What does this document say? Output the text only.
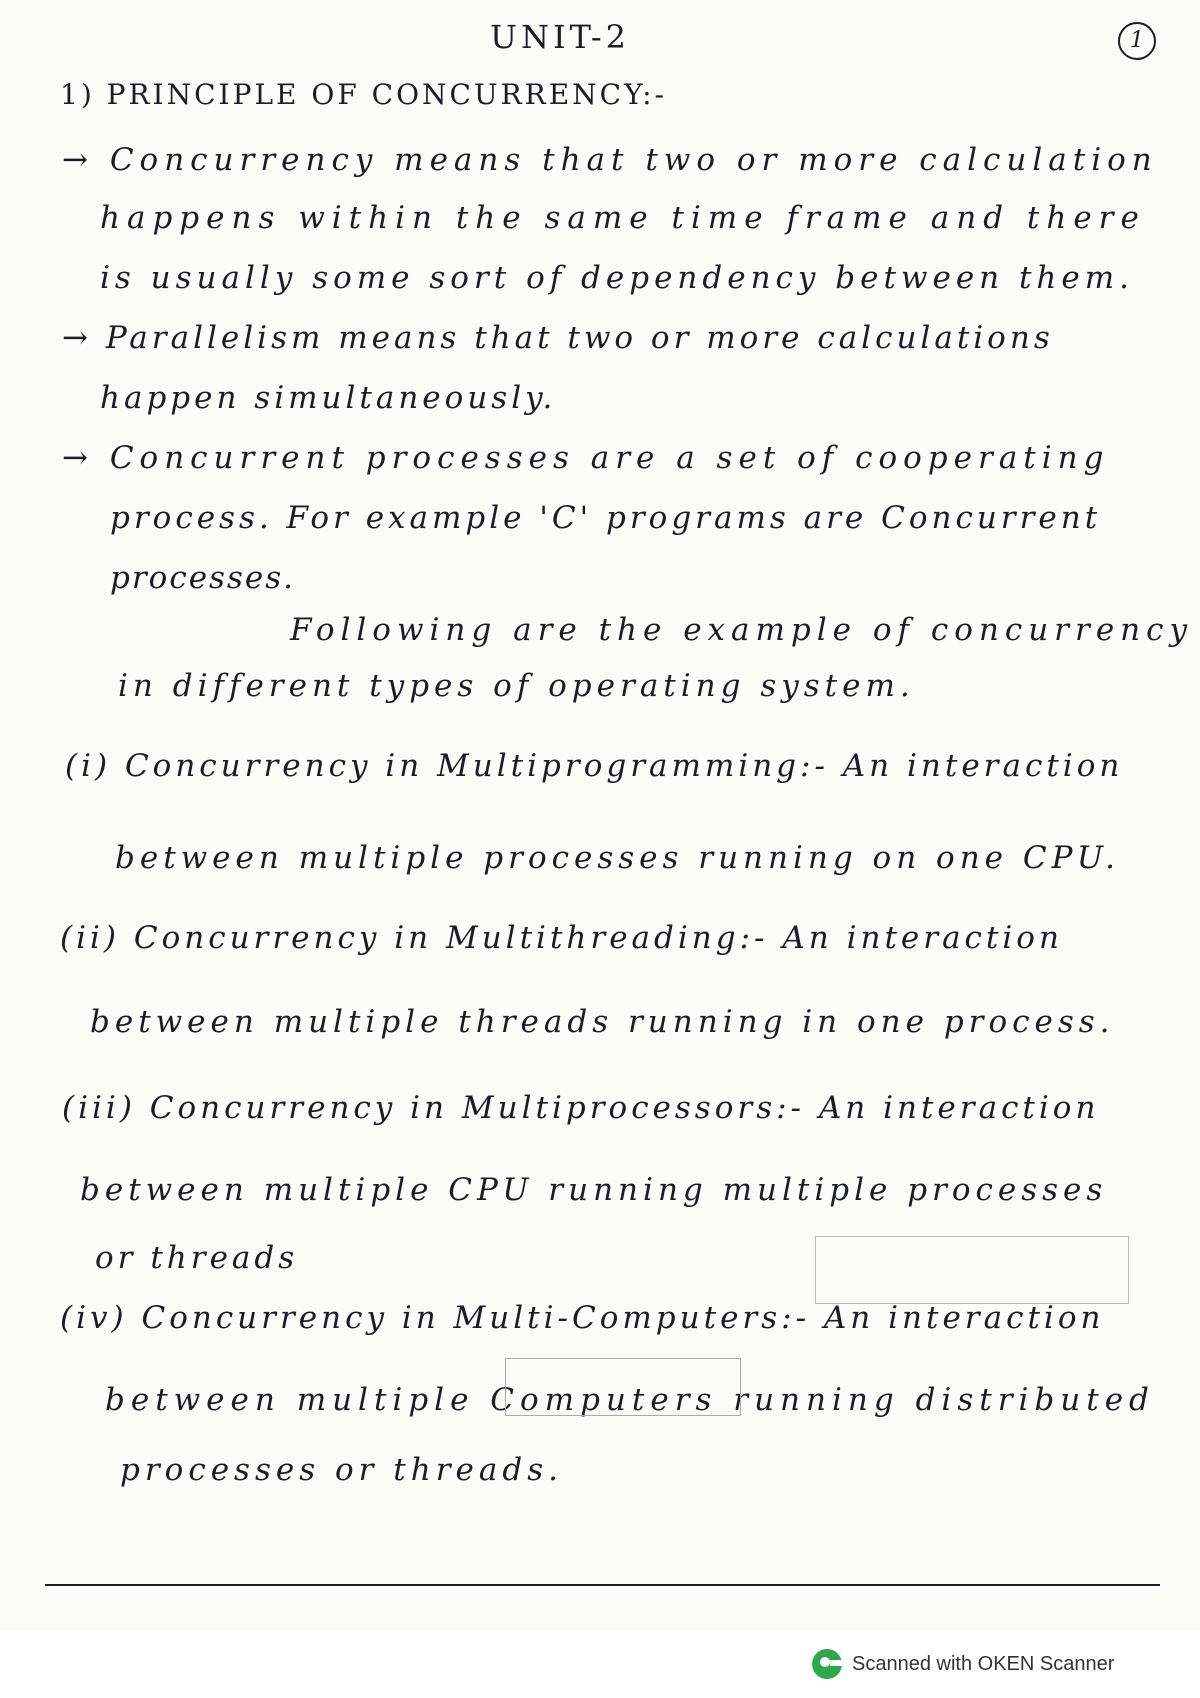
UNIT-2	1
1) PRINCIPLE OF CONCURRENCY:-
→ Concurrency means that two or more calculation
happens within the same time frame and there
is usually some sort of dependency between them.
→ Parallelism means that two or more calculations
happen simultaneously.
→ Concurrent processes are a set of cooperating
process. For example 'C' programs are Concurrent
processes.
Following are the example of concurrency
in different types of operating system.
(i) Concurrency in Multiprogramming:- An interaction
between multiple processes running on one CPU.
(ii) Concurrency in Multithreading:- An interaction
between multiple threads running in one process.
(iii) Concurrency in Multiprocessors:- An interaction
between multiple CPU running multiple processes
or threads
(iv) Concurrency in Multi-Computers:- An interaction
between multiple Computers running distributed
processes or threads.
Scanned with OKEN Scanner
